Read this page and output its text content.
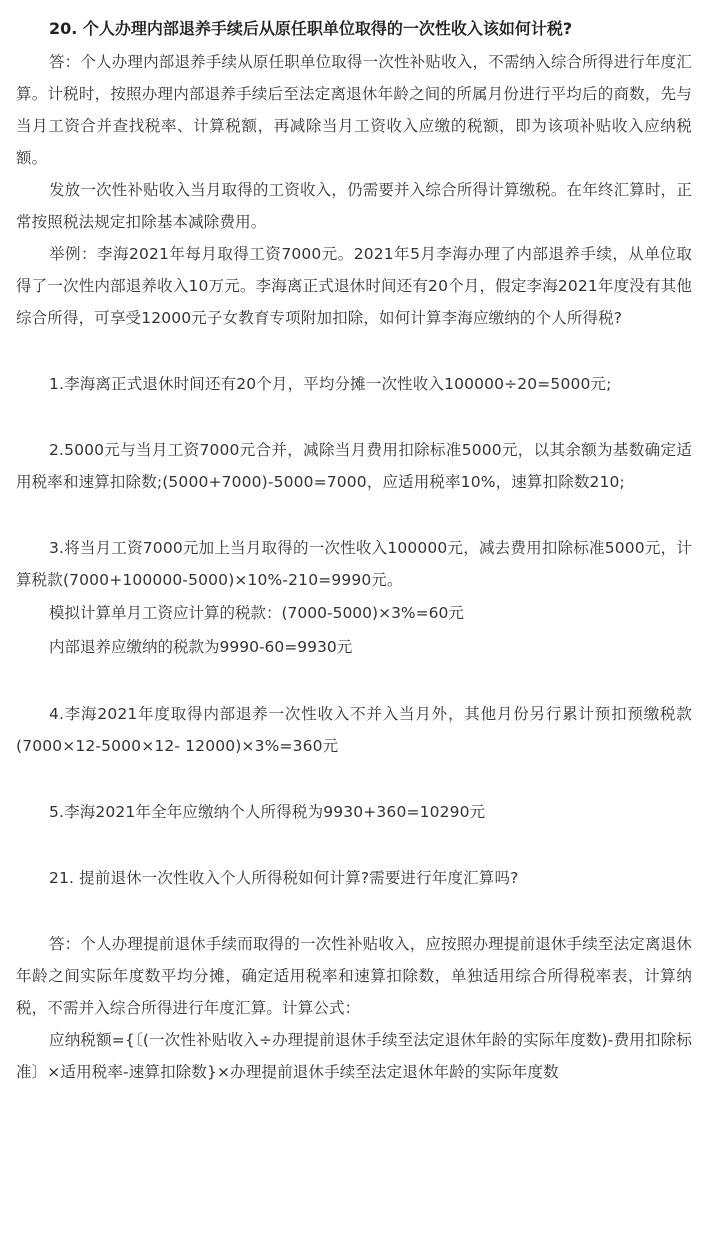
20. 个人办理内部退养手续后从原任职单位取得的一次性收入该如何计税?

答：个人办理内部退养手续从原任职单位取得一次性补贴收入，不需纳入综合所得进行年度汇算。计税时，按照办理内部退养手续后至法定离退休年龄之间的所属月份进行平均后的商数，先与当月工资合并查找税率、计算税额，再减除当月工资收入应缴的税额，即为该项补贴收入应纳税额。

发放一次性补贴收入当月取得的工资收入，仍需要并入综合所得计算缴税。在年终汇算时，正常按照税法规定扣除基本减除费用。

举例：李海2021年每月取得工资7000元。2021年5月李海办理了内部退养手续，从单位取得了一次性内部退养收入10万元。李海离正式退休时间还有20个月，假定李海2021年度没有其他综合所得，可享受12000元子女教育专项附加扣除，如何计算李海应缴纳的个人所得税?

1.李海离正式退休时间还有20个月，平均分摊一次性收入100000÷20=5000元;

2.5000元与当月工资7000元合并，减除当月费用扣除标准5000元，以其余额为基数确定适用税率和速算扣除数;(5000+7000)-5000=7000，应适用税率10%，速算扣除数210;

3.将当月工资7000元加上当月取得的一次性收入100000元，减去费用扣除标准5000元，计算税款(7000+100000-5000)×10%-210=9990元。

模拟计算单月工资应计算的税款：(7000-5000)×3%=60元

内部退养应缴纳的税款为9990-60=9930元

4.李海2021年度取得内部退养一次性收入不并入当月外，其他月份另行累计预扣预缴税款(7000×12-5000×12- 12000)×3%=360元

5.李海2021年全年应缴纳个人所得税为9930+360=10290元

21. 提前退休一次性收入个人所得税如何计算?需要进行年度汇算吗?

答：个人办理提前退休手续而取得的一次性补贴收入，应按照办理提前退休手续至法定离退休年龄之间实际年度数平均分摊，确定适用税率和速算扣除数，单独适用综合所得税率表，计算纳税，不需并入综合所得进行年度汇算。计算公式：

应纳税额={〔(一次性补贴收入÷办理提前退休手续至法定退休年龄的实际年度数)-费用扣除标准〕×适用税率-速算扣除数}×办理提前退休手续至法定退休年龄的实际年度数
